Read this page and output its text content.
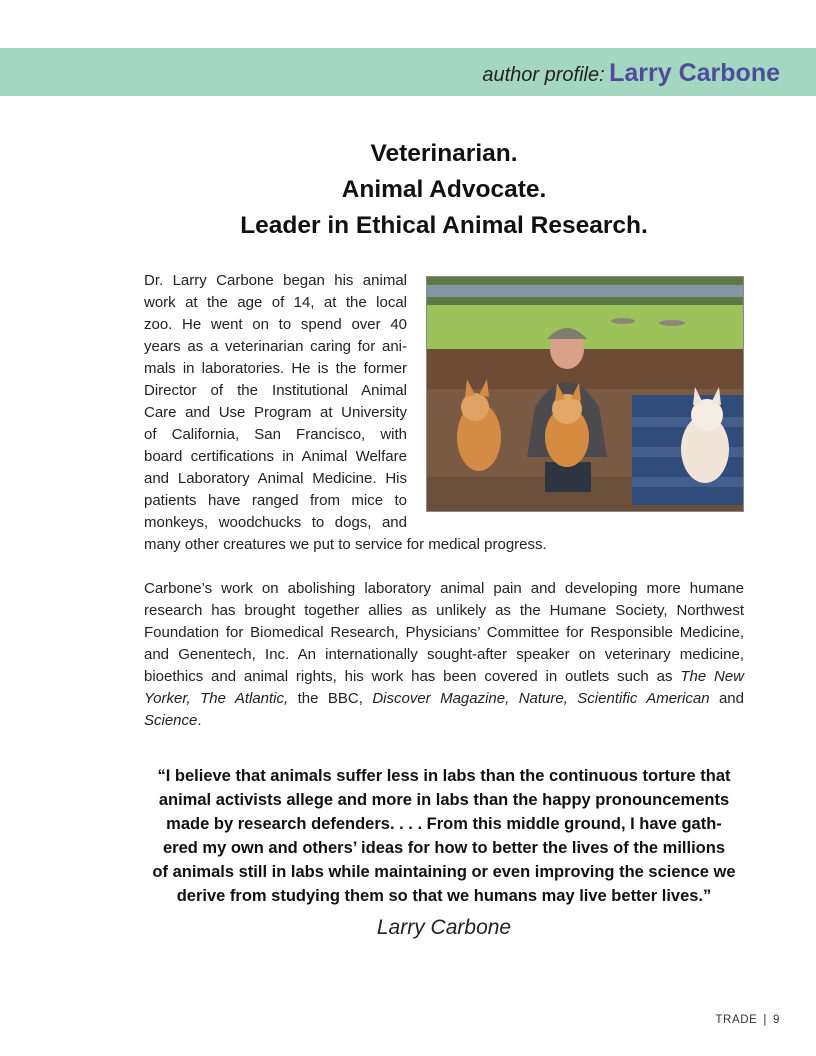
author profile: Larry Carbone
Veterinarian.
Animal Advocate.
Leader in Ethical Animal Research.
Dr. Larry Carbone began his animal
work at the age of 14, at the local
zoo. He went on to spend over 40
years as a veterinarian caring for ani-
mals in laboratories. He is the former
Director of the Institutional Animal
Care and Use Program at University
of California, San Francisco, with
board certifications in Animal Welfare
and Laboratory Animal Medicine. His
patients have ranged from mice to
monkeys, woodchucks to dogs, and
many other creatures we put to service for medical progress.
Carbone’s work on abolishing laboratory animal pain and developing more humane
research has brought together allies as unlikely as the Humane Society, Northwest
Foundation for Biomedical Research, Physicians’ Committee for Responsible Medicine,
and Genentech, Inc. An internationally sought-after speaker on veterinary medicine,
bioethics and animal rights, his work has been covered in outlets such as The New
Yorker, The Atlantic, the BBC, Discover Magazine, Nature, Scientific American and
Science.
“I believe that animals suffer less in labs than the continuous torture that
animal activists allege and more in labs than the happy pronouncements
made by research defenders. . . . From this middle ground, I have gath-
ered my own and others’ ideas for how to better the lives of the millions
of animals still in labs while maintaining or even improving the science we
derive from studying them so that we humans may live better lives.”
Larry Carbone
TRADE | 9
